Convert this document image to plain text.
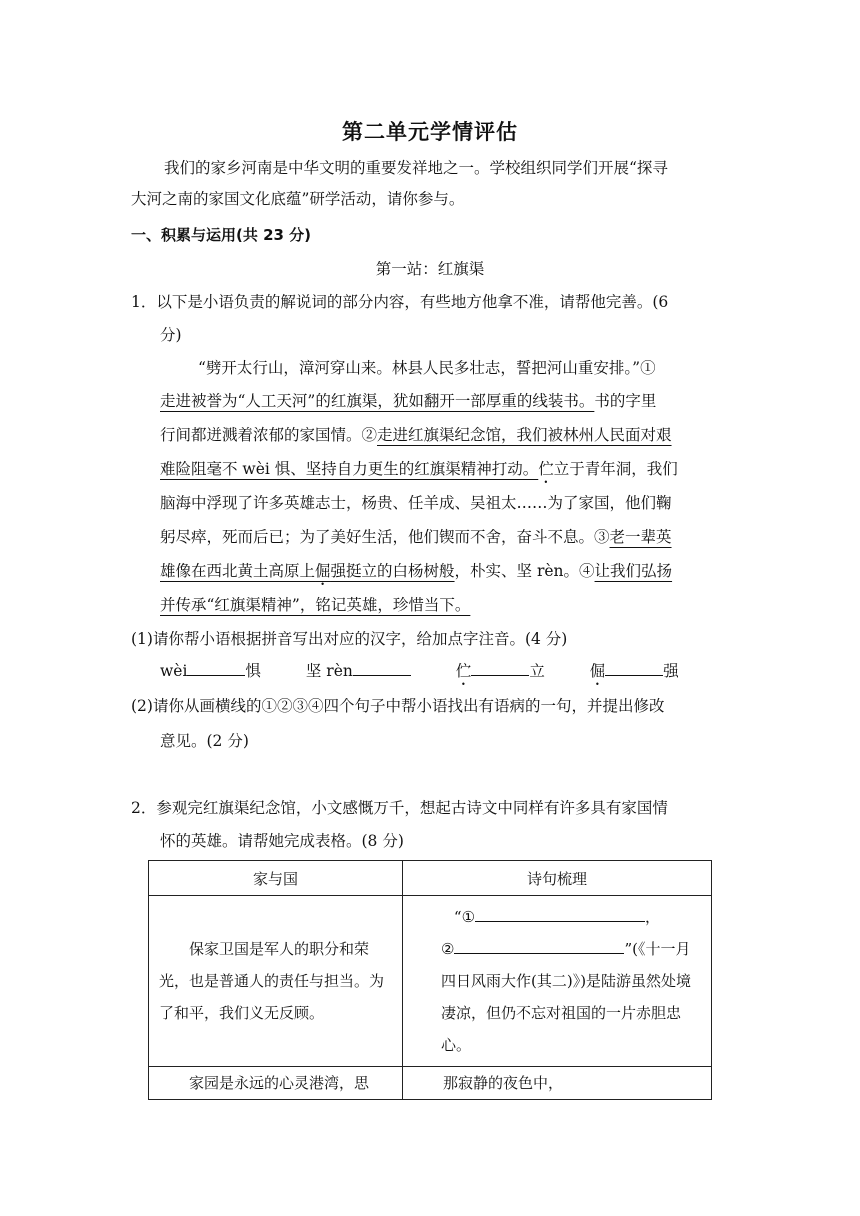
第二单元学情评估
我们的家乡河南是中华文明的重要发祥地之一。学校组织同学们开展“探寻
大河之南的家国文化底蕴”研学活动，请你参与。
一、积累与运用(共 23 分)
第一站：红旗渠
1．以下是小语负责的解说词的部分内容，有些地方他拿不准，请帮他完善。(6
分)
“劈开太行山，漳河穿山来。林县人民多壮志，誓把河山重安排。”①
走进被誉为“人工天河”的红旗渠，犹如翻开一部厚重的线装书。书的字里
行间都迸溅着浓郁的家国情。②走进红旗渠纪念馆，我们被林州人民面对艰
难险阻毫不 wèi 惧、坚持自力更生的红旗渠精神打动。伫立于青年洞，我们
脑海中浮现了许多英雄志士，杨贵、任羊成、吴祖太……为了家国，他们鞠
躬尽瘁，死而后已；为了美好生活，他们锲而不舍，奋斗不息。③老一辈英
雄像在西北黄土高原上倔强挺立的白杨树般，朴实、坚 rèn。④让我们弘扬
并传承“红旗渠精神”，铭记英雄，珍惜当下。
(1)请你帮小语根据拼音写出对应的汉字，给加点字注音。(4 分)
wèi	惧	坚 rèn	伫	立	倔	强
(2)请你从画横线的①②③④四个句子中帮小语找出有语病的一句，并提出修改
意见。(2 分)
2．参观完红旗渠纪念馆，小文感慨万千，想起古诗文中同样有许多具有家国情
怀的英雄。请帮她完成表格。(8 分)
家与国	诗句梳理
保家卫国是军人的职分和荣光，也是普通人的责任与担当。为了和平，我们义无反顾。	“① ，
② ”(《十一月四日风雨大作(其二)》)是陆游虽然处境凄凉，但仍不忘对祖国的一片赤胆忠心。

家园是永远的心灵港湾，思	那寂静的夜色中，
